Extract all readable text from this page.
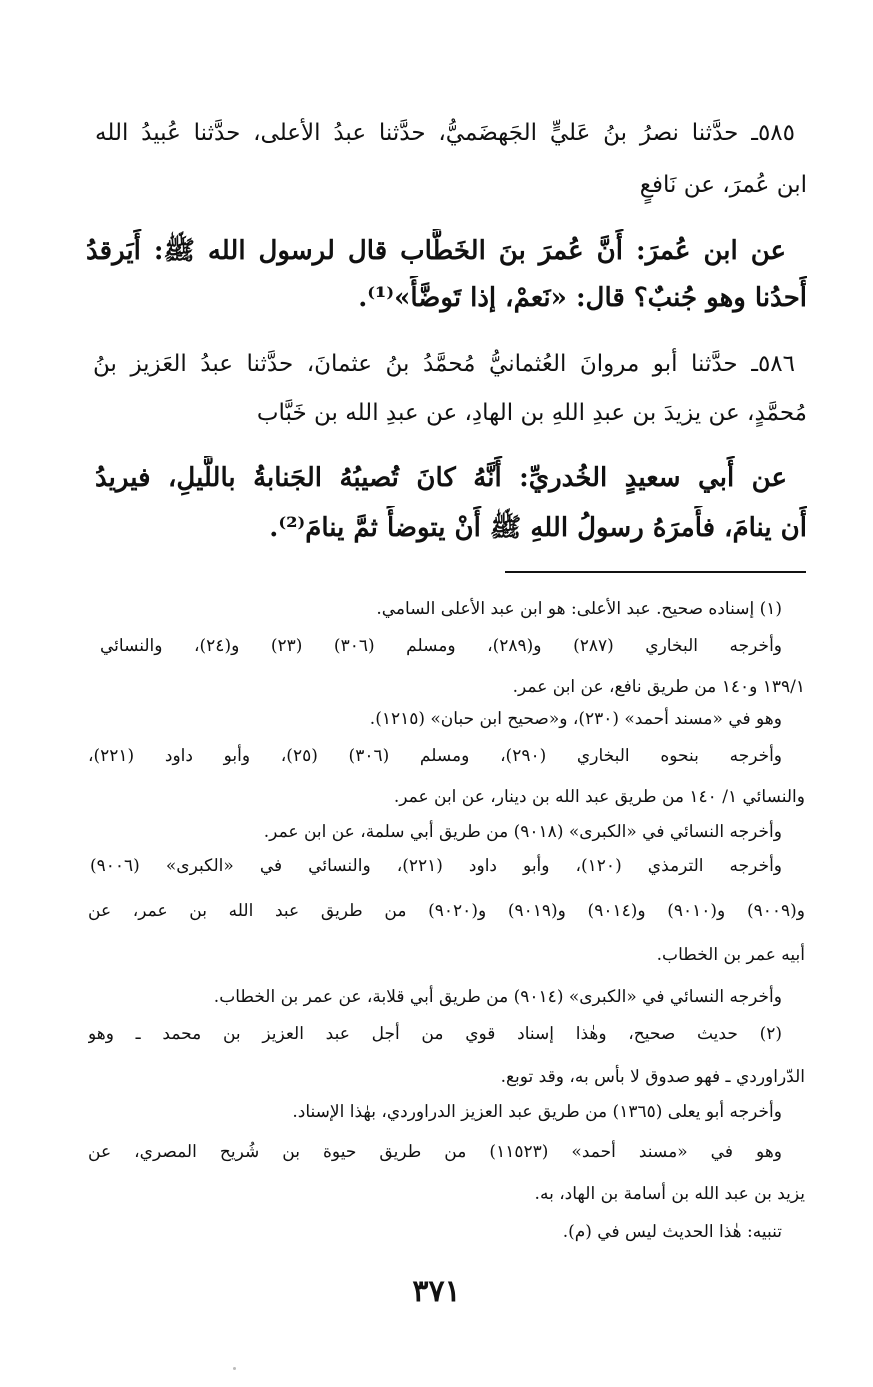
٥٨٥ـ حدَّثنا نصرُ بنُ عَليٍّ الجَهضَميُّ، حدَّثنا عبدُ الأعلى، حدَّثنا عُبيدُ الله
ابن عُمرَ، عن نَافعٍ
عن ابن عُمرَ: أَنَّ عُمرَ بنَ الخَطَّاب قال لرسول الله ﷺ: أَيَرقدُ
أَحدُنا وهو جُنبٌ؟ قال: «نَعمْ، إذا تَوضَّأَ»⁽¹⁾.
٥٨٦ـ حدَّثنا أبو مروانَ العُثمانيُّ مُحمَّدُ بنُ عثمانَ، حدَّثنا عبدُ العَزيز بنُ
مُحمَّدٍ، عن يزيدَ بن عبدِ اللهِ بن الهادِ، عن عبدِ الله بن خَبَّاب
عن أَبي سعيدٍ الخُدريِّ: أَنَّهُ كانَ تُصيبُهُ الجَنابةُ باللَّيلِ، فيريدُ
أَن ينامَ، فأَمرَهُ رسولُ اللهِ ﷺ أَنْ يتوضأَ ثمَّ ينامَ⁽²⁾.
(١) إسناده صحيح. عبد الأعلى: هو ابن عبد الأعلى السامي.
وأخرجه البخاري (٢٨٧) و(٢٨٩)، ومسلم (٣٠٦) (٢٣) و(٢٤)، والنسائي
١٣٩/١ و١٤٠ من طريق نافع، عن ابن عمر.
وهو في «مسند أحمد» (٢٣٠)، و«صحيح ابن حبان» (١٢١٥).
وأخرجه بنحوه البخاري (٢٩٠)، ومسلم (٣٠٦) (٢٥)، وأبو داود (٢٢١)،
والنسائي ١/ ١٤٠ من طريق عبد الله بن دينار، عن ابن عمر.
وأخرجه النسائي في «الكبرى» (٩٠١٨) من طريق أبي سلمة، عن ابن عمر.
وأخرجه الترمذي (١٢٠)، وأبو داود (٢٢١)، والنسائي في «الكبرى» (٩٠٠٦)
و(٩٠٠٩) و(٩٠١٠) و(٩٠١٤) و(٩٠١٩) و(٩٠٢٠) من طريق عبد الله بن عمر، عن
أبيه عمر بن الخطاب.
وأخرجه النسائي في «الكبرى» (٩٠١٤) من طريق أبي قلابة، عن عمر بن الخطاب.
(٢) حديث صحيح، وهٰذا إسناد قوي من أجل عبد العزيز بن محمد ـ وهو
الدّراوردي ـ فهو صدوق لا بأس به، وقد توبع.
وأخرجه أبو يعلى (١٣٦٥) من طريق عبد العزيز الدراوردي، بهٰذا الإسناد.
وهو في «مسند أحمد» (١١٥٢٣) من طريق حيوة بن شُريح المصري، عن
يزيد بن عبد الله بن أسامة بن الهاد، به.
تنبيه: هٰذا الحديث ليس في (م).
٣٧١
